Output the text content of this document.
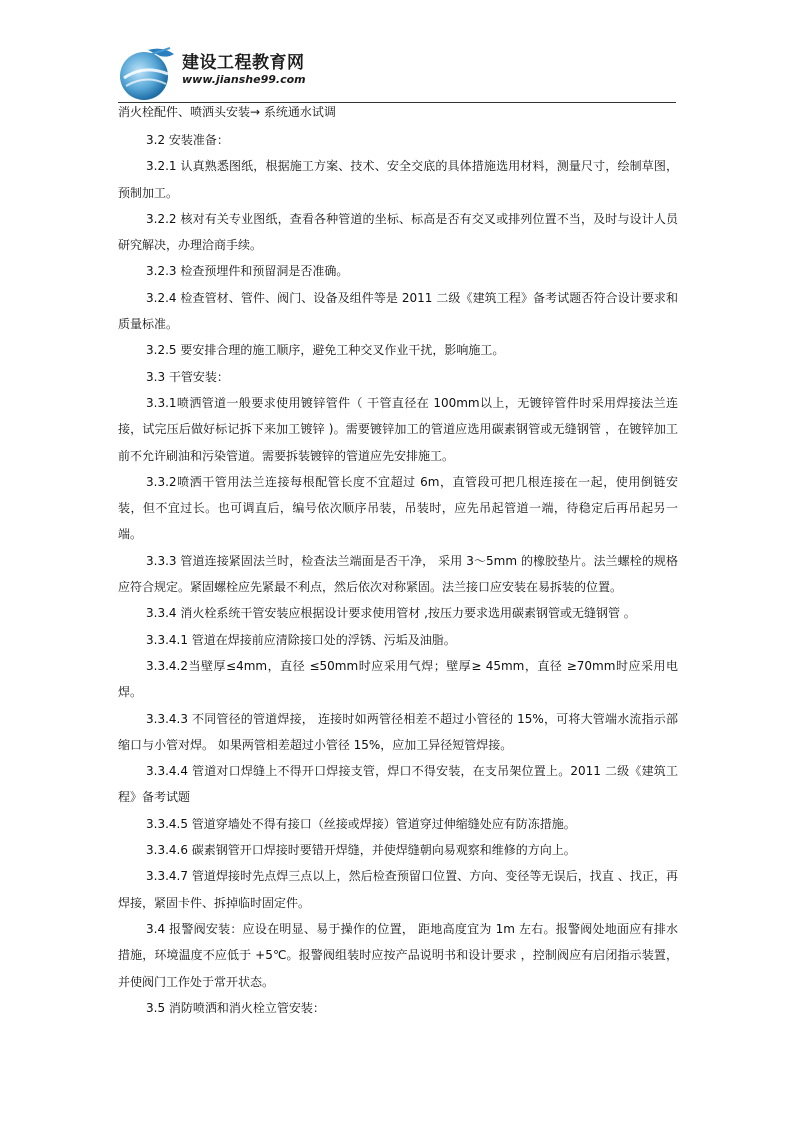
建设工程教育网
www.jianshe99.com
消火栓配件、喷洒头安装→ 系统通水试调

3.2 安装准备：

3.2.1 认真熟悉图纸，根据施工方案、技术、安全交底的具体措施选用材料，测量尺寸，绘制草图，预制加工。

3.2.2 核对有关专业图纸，查看各种管道的坐标、标高是否有交叉或排列位置不当，及时与设计人员研究解决，办理洽商手续。

3.2.3 检查预埋件和预留洞是否准确。

3.2.4 检查管材、管件、阀门、设备及组件等是 2011 二级《建筑工程》备考试题否符合设计要求和质量标准。

3.2.5 要安排合理的施工顺序，避免工种交叉作业干扰，影响施工。

3.3 干管安装：

3.3.1喷洒管道一般要求使用镀锌管件（ 干管直径在 100mm以上，无镀锌管件时采用焊接法兰连接，试完压后做好标记拆下来加工镀锌 )。需要镀锌加工的管道应选用碳素钢管或无缝钢管 ，在镀锌加工前不允许刷油和污染管道。需要拆装镀锌的管道应先安排施工。

3.3.2喷洒干管用法兰连接每根配管长度不宜超过 6m，直管段可把几根连接在一起，使用倒链安装，但不宜过长。也可调直后，编号依次顺序吊装，吊装时，应先吊起管道一端，待稳定后再吊起另一端。

3.3.3 管道连接紧固法兰时，检查法兰端面是否干净， 采用 3～5mm 的橡胶垫片。法兰螺栓的规格应符合规定。紧固螺栓应先紧最不利点，然后依次对称紧固。法兰接口应安装在易拆装的位置。

3.3.4 消火栓系统干管安装应根据设计要求使用管材 ,按压力要求选用碳素钢管或无缝钢管 。

3.3.4.1 管道在焊接前应清除接口处的浮锈、污垢及油脂。

3.3.4.2当壁厚≤4mm，直径 ≤50mm时应采用气焊；壁厚≥ 45mm，直径 ≥70mm时应采用电焊。

3.3.4.3 不同管径的管道焊接， 连接时如两管径相差不超过小管径的 15%，可将大管端水流指示部缩口与小管对焊。 如果两管相差超过小管径 15%，应加工异径短管焊接。

3.3.4.4 管道对口焊缝上不得开口焊接支管，焊口不得安装，在支吊架位置上。2011 二级《建筑工程》备考试题

3.3.4.5 管道穿墙处不得有接口（丝接或焊接）管道穿过伸缩缝处应有防冻措施。

3.3.4.6 碳素钢管开口焊接时要错开焊缝，并使焊缝朝向易观察和维修的方向上。

3.3.4.7 管道焊接时先点焊三点以上，然后检查预留口位置、方向、变径等无误后，找直 、找正，再焊接，紧固卡件、拆掉临时固定件。

3.4 报警阀安装：应设在明显、易于操作的位置， 距地高度宜为 1m 左右。报警阀处地面应有排水措施，环境温度不应低于 +5℃。报警阀组装时应按产品说明书和设计要求 ，控制阀应有启闭指示装置，并使阀门工作处于常开状态。

3.5 消防喷洒和消火栓立管安装：
